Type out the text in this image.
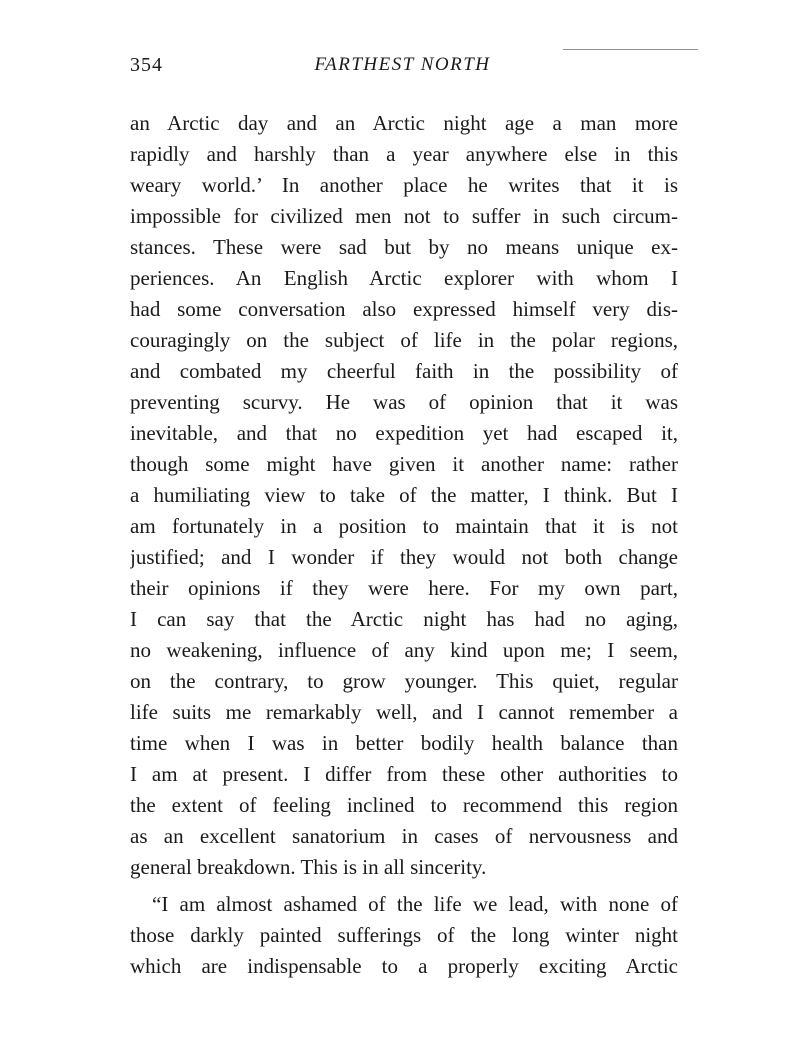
354	FARTHEST NORTH
an Arctic day and an Arctic night age a man more
rapidly and harshly than a year anywhere else in this
weary world.’ In another place he writes that it is
impossible for civilized men not to suffer in such circum-
stances. These were sad but by no means unique ex-
periences. An English Arctic explorer with whom I
had some conversation also expressed himself very dis-
couragingly on the subject of life in the polar regions,
and combated my cheerful faith in the possibility of
preventing scurvy. He was of opinion that it was
inevitable, and that no expedition yet had escaped it,
though some might have given it another name: rather
a humiliating view to take of the matter, I think. But I
am fortunately in a position to maintain that it is not
justified; and I wonder if they would not both change
their opinions if they were here. For my own part,
I can say that the Arctic night has had no aging,
no weakening, influence of any kind upon me; I seem,
on the contrary, to grow younger. This quiet, regular
life suits me remarkably well, and I cannot remember a
time when I was in better bodily health balance than
I am at present. I differ from these other authorities to
the extent of feeling inclined to recommend this region
as an excellent sanatorium in cases of nervousness and
general breakdown. This is in all sincerity.
“I am almost ashamed of the life we lead, with none of
those darkly painted sufferings of the long winter night
which are indispensable to a properly exciting Arctic
